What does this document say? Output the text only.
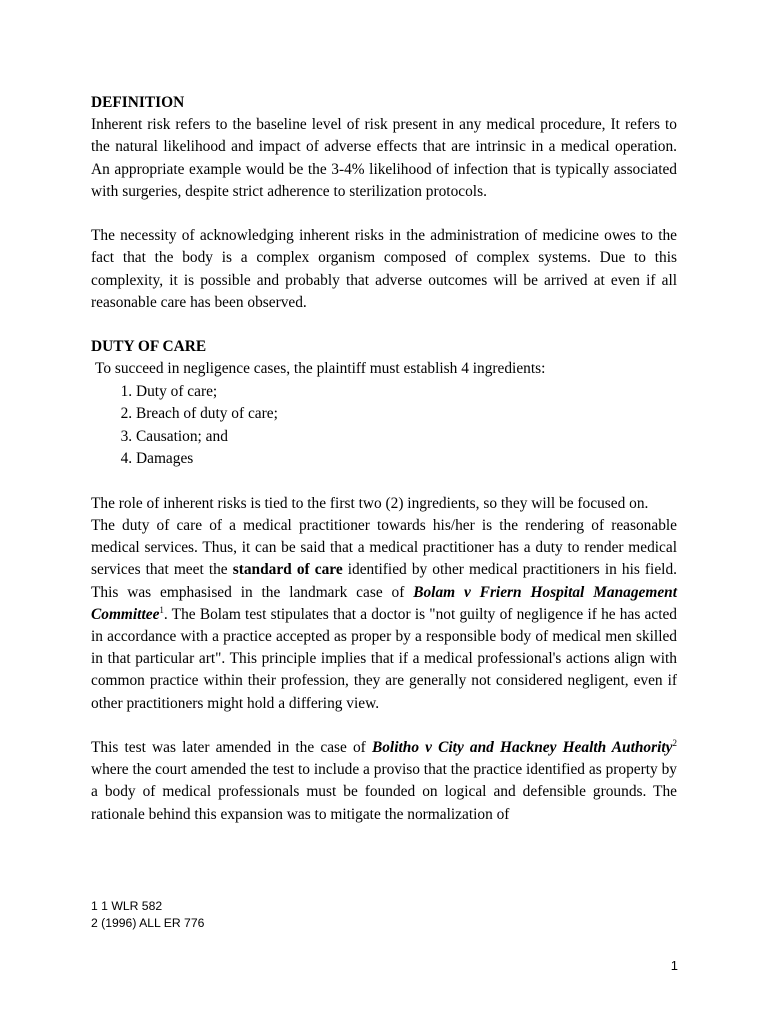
DEFINITION

Inherent risk refers to the baseline level of risk present in any medical procedure, It refers to the natural likelihood and impact of adverse effects that are intrinsic in a medical operation. An appropriate example would be the 3-4% likelihood of infection that is typically associated with surgeries, despite strict adherence to sterilization protocols.

The necessity of acknowledging inherent risks in the administration of medicine owes to the fact that the body is a complex organism composed of complex systems. Due to this complexity, it is possible and probably that adverse outcomes will be arrived at even if all reasonable care has been observed.

DUTY OF CARE

To succeed in negligence cases, the plaintiff must establish 4 ingredients:

1. Duty of care;
2. Breach of duty of care;
3. Causation; and
4. Damages

The role of inherent risks is tied to the first two (2) ingredients, so they will be focused on.

The duty of care of a medical practitioner towards his/her is the rendering of reasonable medical services. Thus, it can be said that a medical practitioner has a duty to render medical services that meet the standard of care identified by other medical practitioners in his field. This was emphasised in the landmark case of Bolam v Friern Hospital Management Committee$^1$. The Bolam test stipulates that a doctor is "not guilty of negligence if he has acted in accordance with a practice accepted as proper by a responsible body of medical men skilled in that particular art". This principle implies that if a medical professional's actions align with common practice within their profession, they are generally not considered negligent, even if other practitioners might hold a differing view.

This test was later amended in the case of Bolitho v City and Hackney Health Authority$^2$ where the court amended the test to include a proviso that the practice identified as property by a body of medical professionals must be founded on logical and defensible grounds. The rationale behind this expansion was to mitigate the normalization of

1 1 WLR 582
2 (1996) ALL ER 776
1
